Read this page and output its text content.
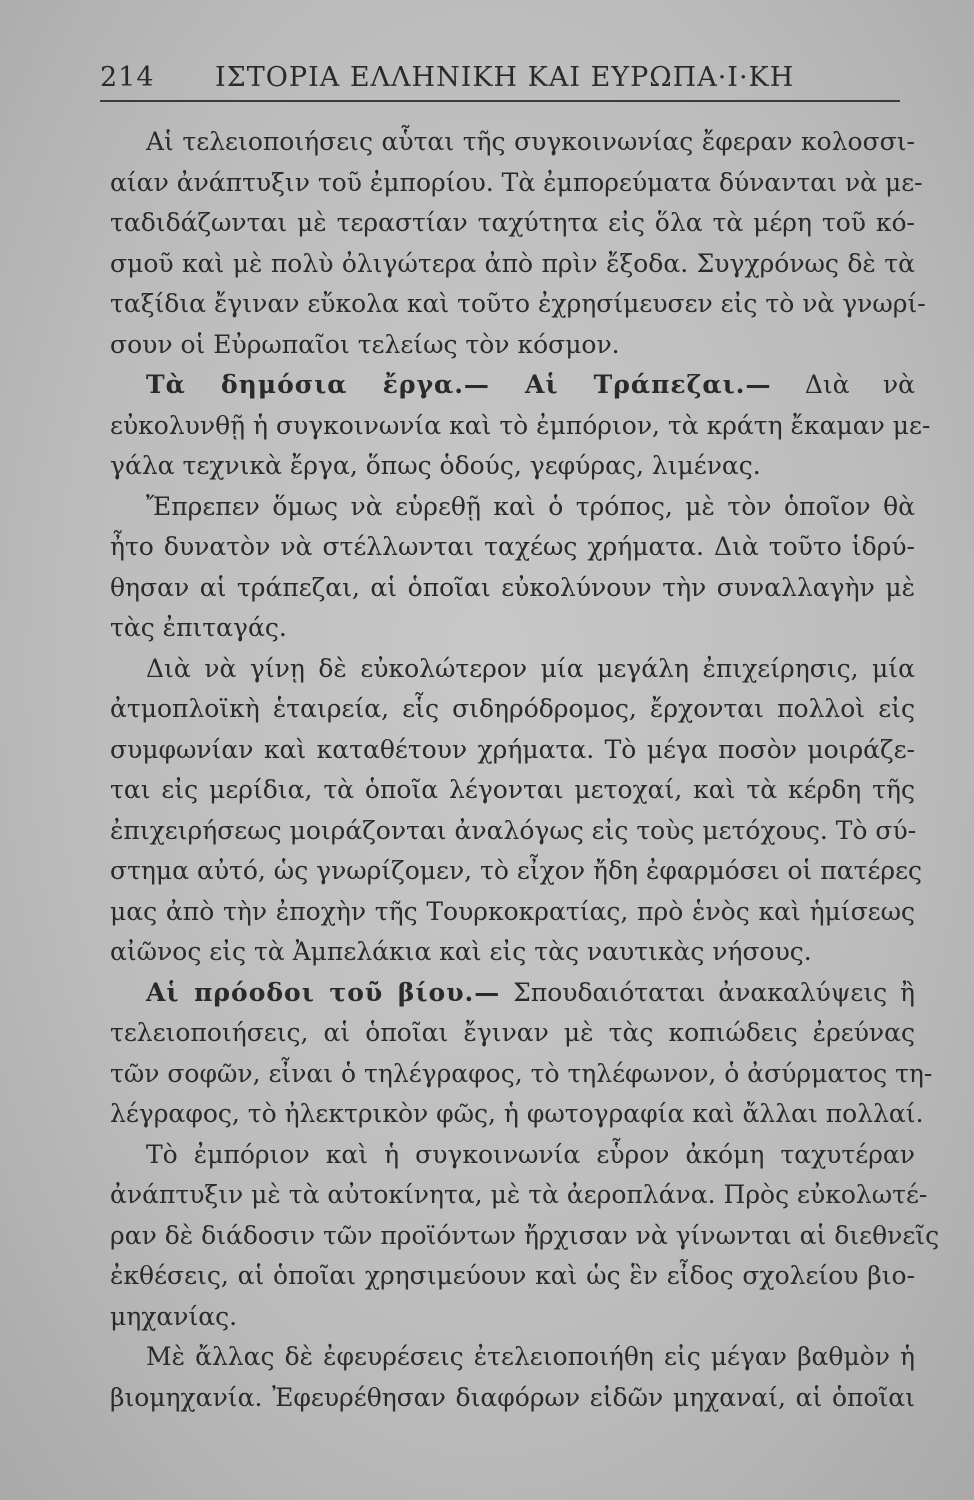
214 ΙΣΤΟΡΙΑ ΕΛΛΗΝΙΚΗ ΚΑΙ ΕΥΡΩΠΑ·Ι·ΚΗ
Αἱ τελειοποιήσεις αὗται τῆς συγκοινωνίας ἔφεραν κολοσσι-
αίαν ἀνάπτυξιν τοῦ ἐμπορίου. Τὰ ἐμπορεύματα δύνανται νὰ με-
ταδιδάζωνται μὲ τεραστίαν ταχύτητα εἰς ὅλα τὰ μέρη τοῦ κό-
σμοῦ καὶ μὲ πολὺ ὀλιγώτερα ἀπὸ πρὶν ἔξοδα. Συγχρόνως δὲ τὰ
ταξίδια ἔγιναν εὔκολα καὶ τοῦτο ἐχρησίμευσεν εἰς τὸ νὰ γνωρί-
σουν οἱ Εὐρωπαῖοι τελείως τὸν κόσμον.
Τὰ δημόσια ἔργα.— Αἱ Τράπεζαι.— Διὰ νὰ
εὐκολυνθῇ ἡ συγκοινωνία καὶ τὸ ἐμπόριον, τὰ κράτη ἔκαμαν με-
γάλα τεχνικὰ ἔργα, ὅπως ὁδούς, γεφύρας, λιμένας.
Ἔπρεπεν ὅμως νὰ εὑρεθῇ καὶ ὁ τρόπος, μὲ τὸν ὁποῖον θὰ
ἦτο δυνατὸν νὰ στέλλωνται ταχέως χρήματα. Διὰ τοῦτο ἱδρύ-
θησαν αἱ τράπεζαι, αἱ ὁποῖαι εὐκολύνουν τὴν συναλλαγὴν μὲ
τὰς ἐπιταγάς.
Διὰ νὰ γίνῃ δὲ εὐκολώτερον μία μεγάλη ἐπιχείρησις, μία
ἀτμοπλοϊκὴ ἑταιρεία, εἷς σιδηρόδρομος, ἔρχονται πολλοὶ εἰς
συμφωνίαν καὶ καταθέτουν χρήματα. Τὸ μέγα ποσὸν μοιράζε-
ται εἰς μερίδια, τὰ ὁποῖα λέγονται μετοχαί, καὶ τὰ κέρδη τῆς
ἐπιχειρήσεως μοιράζονται ἀναλόγως εἰς τοὺς μετόχους. Τὸ σύ-
στημα αὐτό, ὡς γνωρίζομεν, τὸ εἶχον ἤδη ἐφαρμόσει οἱ πατέρες
μας ἀπὸ τὴν ἐποχὴν τῆς Τουρκοκρατίας, πρὸ ἑνὸς καὶ ἡμίσεως
αἰῶνος εἰς τὰ Ἀμπελάκια καὶ εἰς τὰς ναυτικὰς νήσους.
Αἱ πρόοδοι τοῦ βίου.— Σπουδαιόταται ἀνακαλύψεις ἢ
τελειοποιήσεις, αἱ ὁποῖαι ἔγιναν μὲ τὰς κοπιώδεις ἐρεύνας
τῶν σοφῶν, εἶναι ὁ τηλέγραφος, τὸ τηλέφωνον, ὁ ἀσύρματος τη-
λέγραφος, τὸ ἠλεκτρικὸν φῶς, ἡ φωτογραφία καὶ ἄλλαι πολλαί.
Τὸ ἐμπόριον καὶ ἡ συγκοινωνία εὗρον ἀκόμη ταχυτέραν
ἀνάπτυξιν μὲ τὰ αὐτοκίνητα, μὲ τὰ ἀεροπλάνα. Πρὸς εὐκολωτέ-
ραν δὲ διάδοσιν τῶν προϊόντων ἤρχισαν νὰ γίνωνται αἱ διεθνεῖς
ἐκθέσεις, αἱ ὁποῖαι χρησιμεύουν καὶ ὡς ἓν εἶδος σχολείου βιο-
μηχανίας.
Μὲ ἄλλας δὲ ἐφευρέσεις ἐτελειοποιήθη εἰς μέγαν βαθμὸν ἡ
βιομηχανία. Ἐφευρέθησαν διαφόρων εἰδῶν μηχαναί, αἱ ὁποῖαι
